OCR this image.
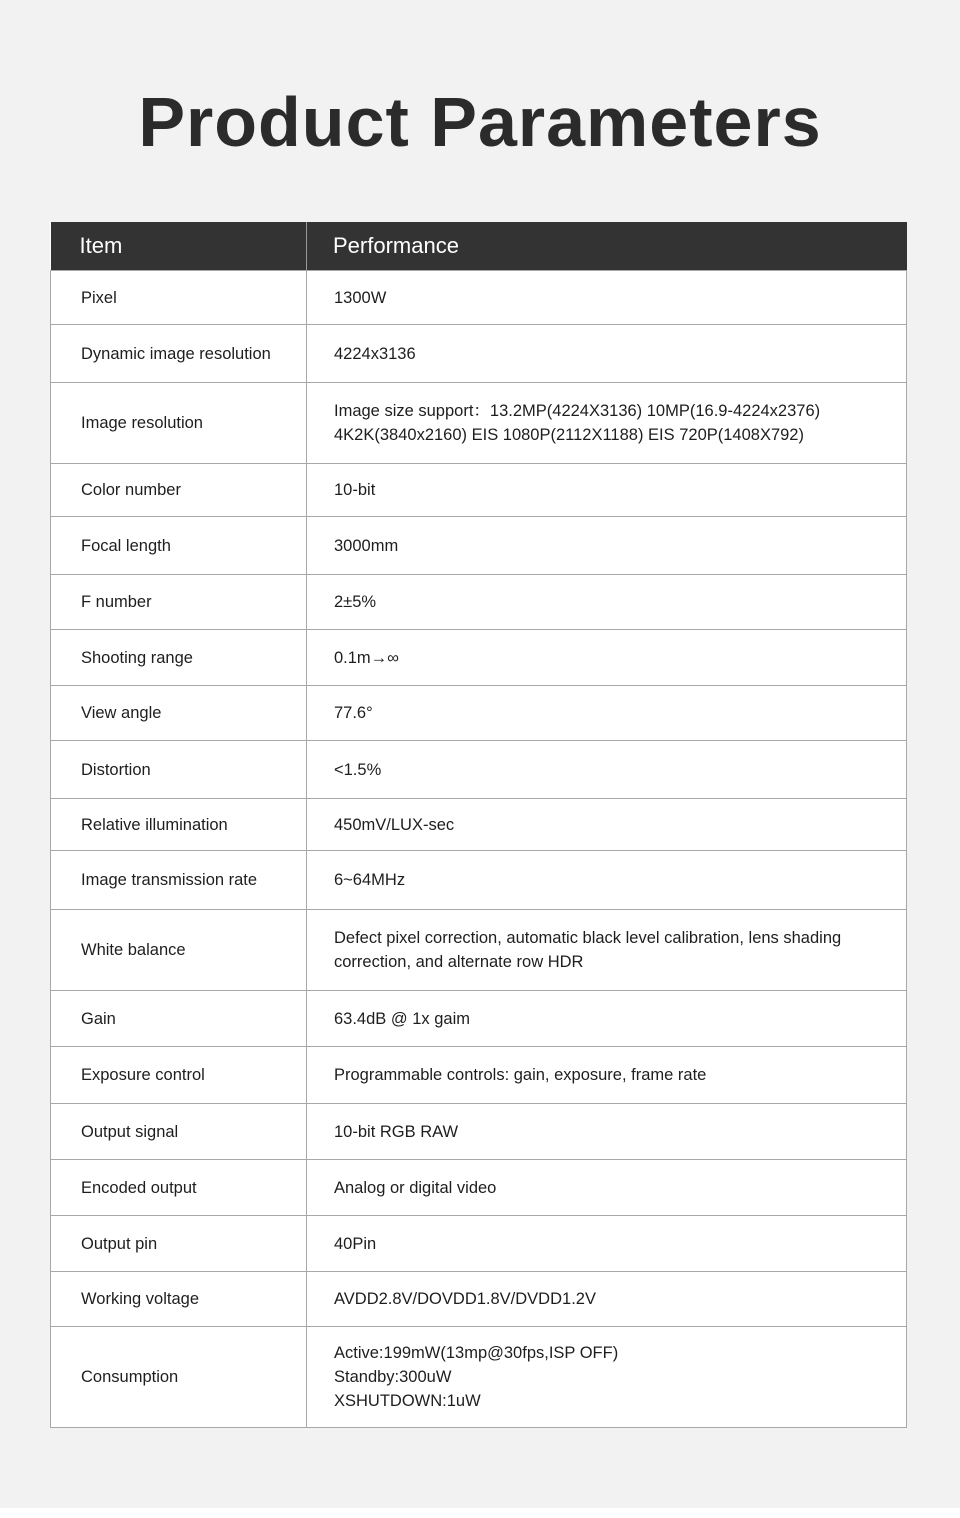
Product Parameters
Item	Performance
Pixel	1300W

Dynamic image resolution	4224x3136

Image resolution	Image size support：13.2MP(4224X3136) 10MP(16.9-4224x2376)
4K2K(3840x2160) EIS 1080P(2112X1188) EIS 720P(1408X792)

Color number	10-bit

Focal length	3000mm

F number	2±5%

Shooting range	0.1m→∞

View angle	77.6°

Distortion	<1.5%

Relative illumination	450mV/LUX-sec

Image transmission rate	6~64MHz

White balance	Defect pixel correction, automatic black level calibration, lens shading
correction, and alternate row HDR

Gain	63.4dB @ 1x gaim

Exposure control	Programmable controls: gain, exposure, frame rate

Output signal	10-bit RGB RAW

Encoded output	Analog or digital video

Output pin	40Pin

Working voltage	AVDD2.8V/DOVDD1.8V/DVDD1.2V

Consumption	Active:199mW(13mp@30fps,ISP OFF)
Standby:300uW
XSHUTDOWN:1uW
